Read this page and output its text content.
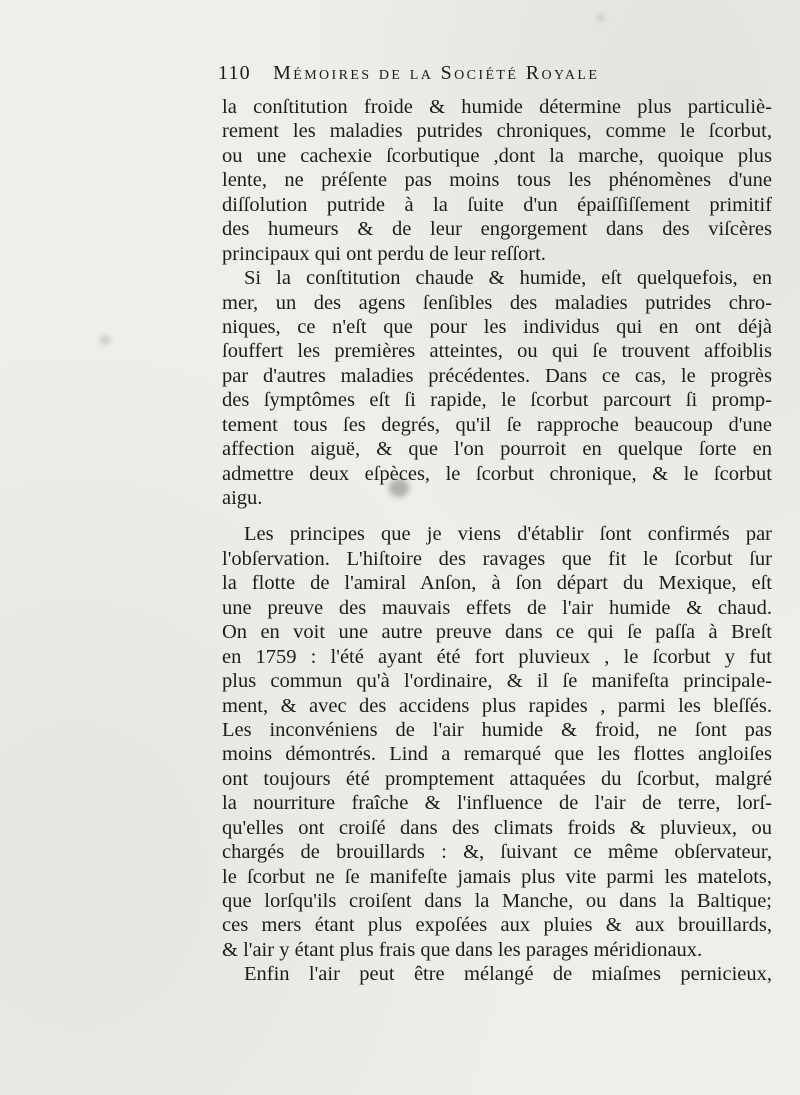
110 Mémoires de la Société Royale
la conſtitution froide & humide détermine plus particuliè-
rement les maladies putrides chroniques, comme le ſcorbut,
ou une cachexie ſcorbutique ,dont la marche, quoique plus
lente, ne préſente pas moins tous les phénomènes d'une
diſſolution putride à la ſuite d'un épaiſſiſſement primitif
des humeurs & de leur engorgement dans des viſcères
principaux qui ont perdu de leur reſſort.
Si la conſtitution chaude & humide, eſt quelquefois, en
mer, un des agens ſenſibles des maladies putrides chro-
niques, ce n'eſt que pour les individus qui en ont déjà
ſouffert les premières atteintes, ou qui ſe trouvent affoiblis
par d'autres maladies précédentes. Dans ce cas, le progrès
des ſymptômes eſt ſi rapide, le ſcorbut parcourt ſi promp-
tement tous ſes degrés, qu'il ſe rapproche beaucoup d'une
affection aiguë, & que l'on pourroit en quelque ſorte en
admettre deux eſpèces, le ſcorbut chronique, & le ſcorbut
aigu.
Les principes que je viens d'établir ſont confirmés par
l'obſervation. L'hiſtoire des ravages que fit le ſcorbut ſur
la flotte de l'amiral Anſon, à ſon départ du Mexique, eſt
une preuve des mauvais effets de l'air humide & chaud.
On en voit une autre preuve dans ce qui ſe paſſa à Breſt
en 1759 : l'été ayant été fort pluvieux , le ſcorbut y fut
plus commun qu'à l'ordinaire, & il ſe manifeſta principale-
ment, & avec des accidens plus rapides , parmi les bleſſés.
Les inconvéniens de l'air humide & froid, ne ſont pas
moins démontrés. Lind a remarqué que les flottes angloiſes
ont toujours été promptement attaquées du ſcorbut, malgré
la nourriture fraîche & l'influence de l'air de terre, lorſ-
qu'elles ont croiſé dans des climats froids & pluvieux, ou
chargés de brouillards : &, ſuivant ce même obſervateur,
le ſcorbut ne ſe manifeſte jamais plus vite parmi les matelots,
que lorſqu'ils croiſent dans la Manche, ou dans la Baltique;
ces mers étant plus expoſées aux pluies & aux brouillards,
& l'air y étant plus frais que dans les parages méridionaux.
Enfin l'air peut être mélangé de miaſmes pernicieux,
